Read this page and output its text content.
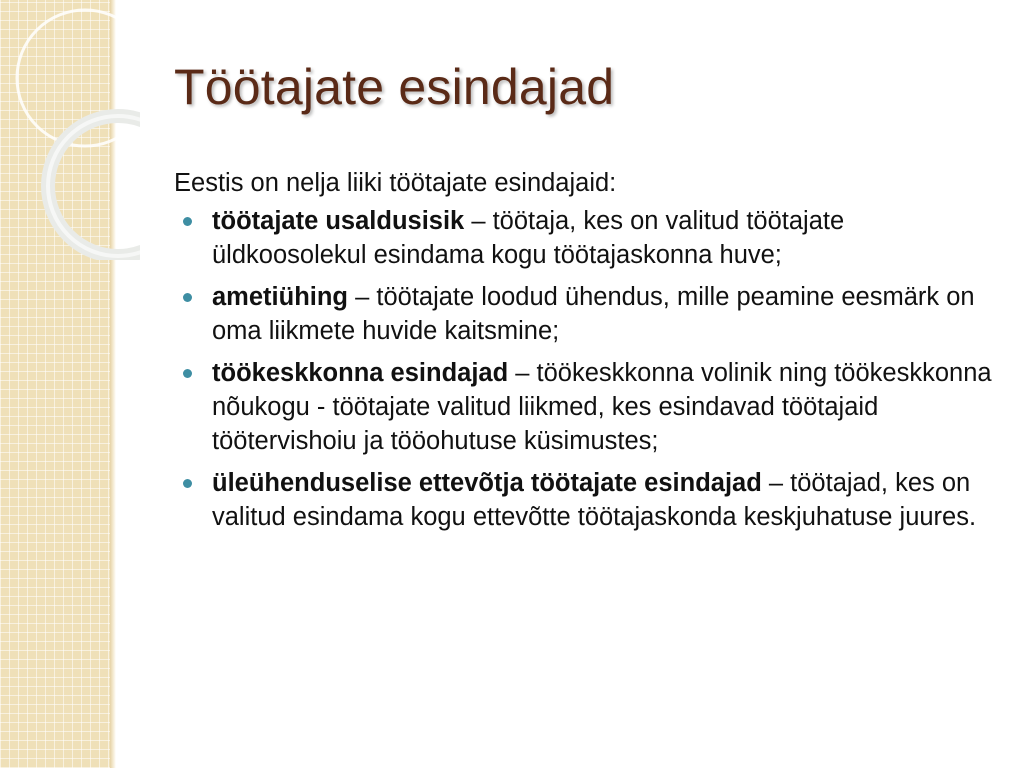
Töötajate esindajad

Eestis on nelja liiki töötajate esindajaid:

töötajate usaldusisik – töötaja, kes on valitud töötajate üldkoosolekul esindama kogu töötajaskonna huve;
ametiühing – töötajate loodud ühendus, mille peamine eesmärk on oma liikmete huvide kaitsmine;
töökeskkonna esindajad – töökeskkonna volinik ning töökeskkonna nõukogu - töötajate valitud liikmed, kes esindavad töötajaid töötervishoiu ja tööohutuse küsimustes;
üleühenduselise ettevõtja töötajate esindajad – töötajad, kes on valitud esindama kogu ettevõtte töötajaskonda keskjuhatuse juures.
